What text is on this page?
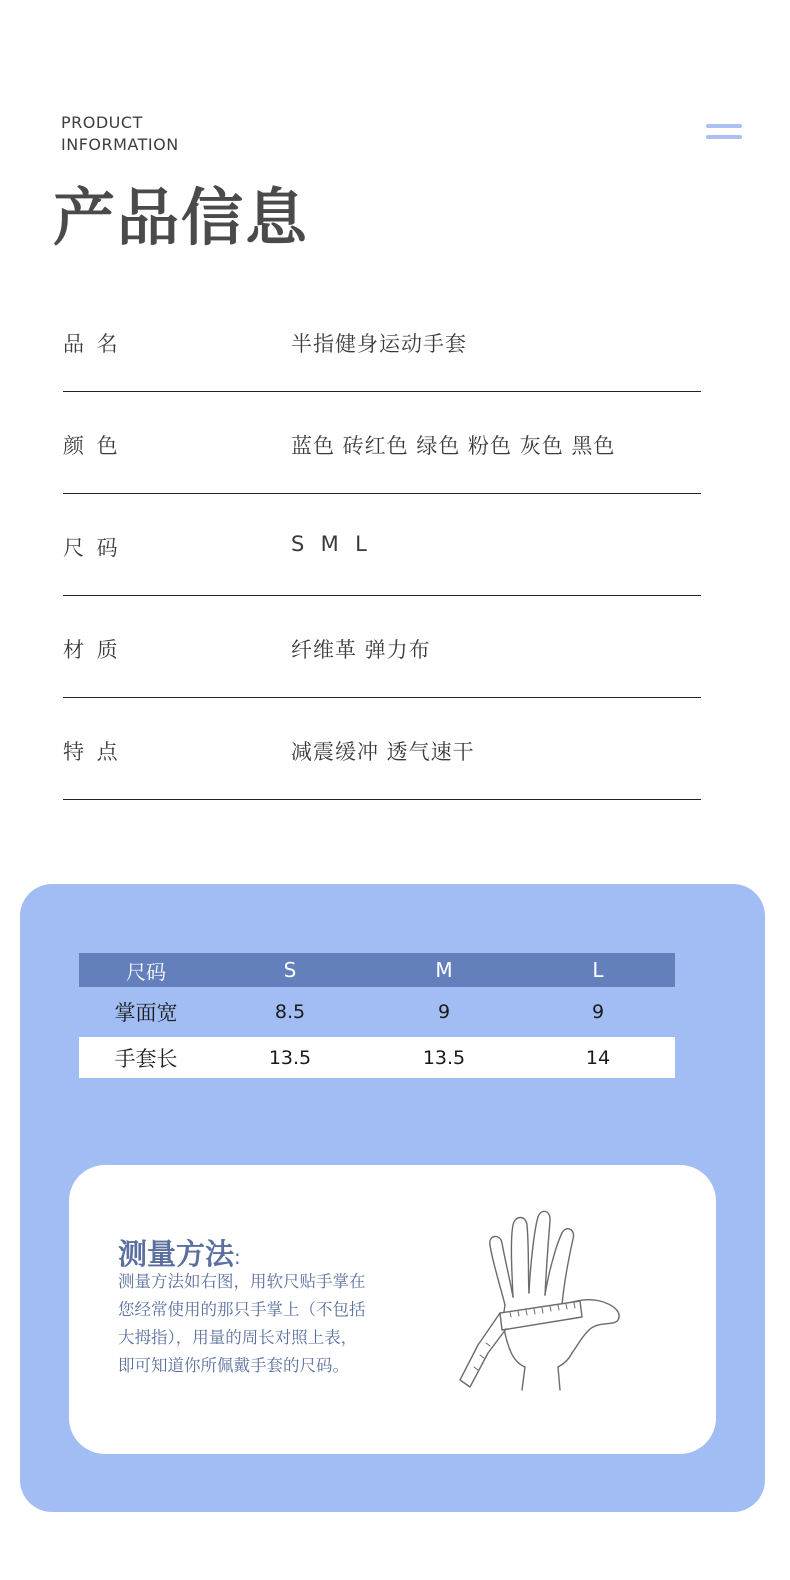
PRODUCT
INFORMATION
产品信息
品 名	半指健身运动手套
颜 色	蓝色 砖红色 绿色 粉色 灰色 黑色
尺 码	S  M  L
材 质	纤维革 弹力布
特 点	减震缓冲 透气速干
尺码	S	M	L
掌面宽	8.5	9	9
手套长	13.5	13.5	14
测量方法:
测量方法如右图，用软尺贴手掌在
您经常使用的那只手掌上（不包括
大拇指），用量的周长对照上表，
即可知道你所佩戴手套的尺码。
